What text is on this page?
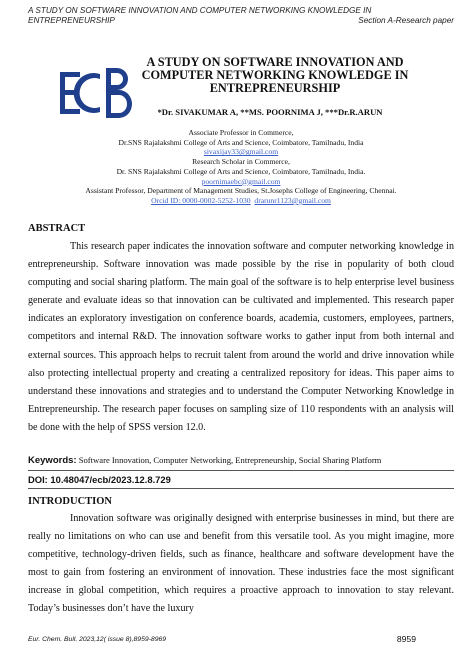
A STUDY ON SOFTWARE INNOVATION AND COMPUTER NETWORKING KNOWLEDGE IN
ENTREPRENEURSHIP	Section A-Research paper
A STUDY ON SOFTWARE INNOVATION AND COMPUTER NETWORKING KNOWLEDGE IN ENTREPRENEURSHIP
*Dr. SIVAKUMAR A, **MS. POORNIMA J, ***Dr.R.ARUN
Associate Professor in Commerce,
Dr.SNS Rajalakshmi College of Arts and Science, Coimbatore, Tamilnadu, India
sivaxijay33@gmail.com
Research Scholar in Commerce,
Dr. SNS Rajalakshmi College of Arts and Science, Coimbatore, Tamilnadu, India.
poornimaebc@gmail.com
Assistant Professor, Department of Management Studies, St.Josephs College of Engineering, Chennai.
Orcid ID: 0000-0002-5252-1030 drarunr1123@gmail.com
ABSTRACT
This research paper indicates the innovation software and computer networking knowledge in entrepreneurship. Software innovation was made possible by the rise in popularity of both cloud computing and social sharing platform. The main goal of the software is to help enterprise level business generate and evaluate ideas so that innovation can be cultivated and implemented. This research paper indicates an exploratory investigation on conference boards, academia, customers, employees, partners, competitors and internal R&D. The innovation software works to gather input from both internal and external sources. This approach helps to recruit talent from around the world and drive innovation while also protecting intellectual property and creating a centralized repository for ideas. This paper aims to understand these innovations and strategies and to understand the Computer Networking Knowledge in Entrepreneurship. The research paper focuses on sampling size of 110 respondents with an analysis will be done with the help of SPSS version 12.0.
Keywords: Software Innovation, Computer Networking, Entrepreneurship, Social Sharing Platform
DOI: 10.48047/ecb/2023.12.8.729
INTRODUCTION
Innovation software was originally designed with enterprise businesses in mind, but there are really no limitations on who can use and benefit from this versatile tool. As you might imagine, more competitive, technology-driven fields, such as finance, healthcare and software development have the most to gain from fostering an environment of innovation. These industries face the most significant increase in global competition, which requires a proactive approach to innovation to stay relevant. Today’s businesses don’t have the luxury
Eur. Chem. Bull. 2023,12( issue 8),8959-8969	8959
